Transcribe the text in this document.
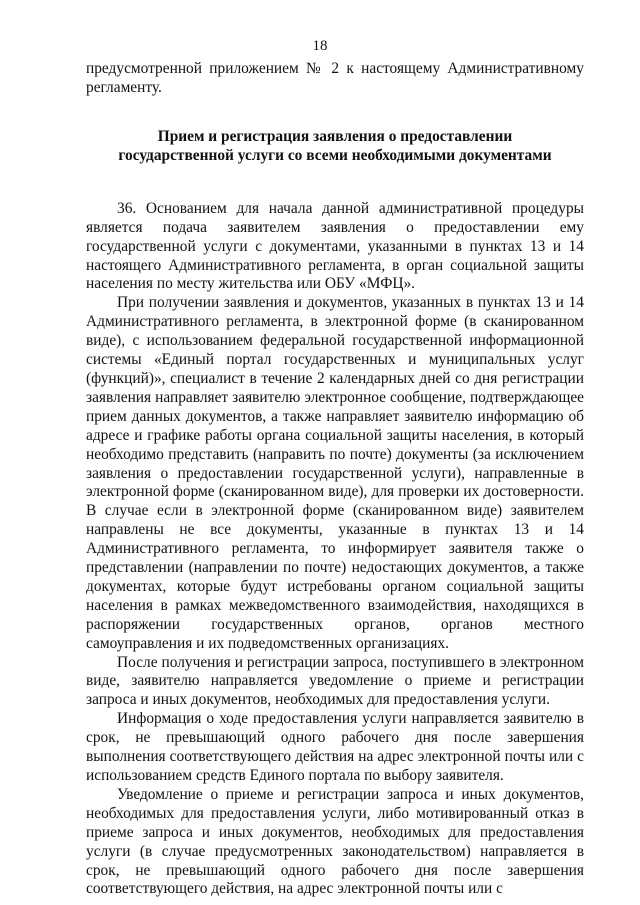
18

предусмотренной приложением № 2 к настоящему Административному регламенту.

Прием и регистрация заявления о предоставлении
государственной услуги со всеми необходимыми документами

36. Основанием для начала данной административной процедуры является подача заявителем заявления о предоставлении ему государственной услуги с документами, указанными в пунктах 13 и 14 настоящего Административного регламента, в орган социальной защиты населения по месту жительства или ОБУ «МФЦ».

При получении заявления и документов, указанных в пунктах 13 и 14 Административного регламента, в электронной форме (в сканированном виде), с использованием федеральной государственной информационной системы «Единый портал государственных и муниципальных услуг (функций)», специалист в течение 2 календарных дней со дня регистрации заявления направляет заявителю электронное сообщение, подтверждающее прием данных документов, а также направляет заявителю информацию об адресе и графике работы органа социальной защиты населения, в который необходимо представить (направить по почте) документы (за исключением заявления о предоставлении государственной услуги), направленные в электронной форме (сканированном виде), для проверки их достоверности. В случае если в электронной форме (сканированном виде) заявителем направлены не все документы, указанные в пунктах 13 и 14 Административного регламента, то информирует заявителя также о представлении (направлении по почте) недостающих документов, а также документах, которые будут истребованы органом социальной защиты населения в рамках межведомственного взаимодействия, находящихся в распоряжении государственных органов, органов местного самоуправления и их подведомственных организациях.

После получения и регистрации запроса, поступившего в электронном виде, заявителю направляется уведомление о приеме и регистрации запроса и иных документов, необходимых для предоставления услуги.

Информация о ходе предоставления услуги направляется заявителю в срок, не превышающий одного рабочего дня после завершения выполнения соответствующего действия на адрес электронной почты или с использованием средств Единого портала по выбору заявителя.

Уведомление о приеме и регистрации запроса и иных документов, необходимых для предоставления услуги, либо мотивированный отказ в приеме запроса и иных документов, необходимых для предоставления услуги (в случае предусмотренных законодательством) направляется в срок, не превышающий одного рабочего дня после завершения соответствующего действия, на адрес электронной почты или с
